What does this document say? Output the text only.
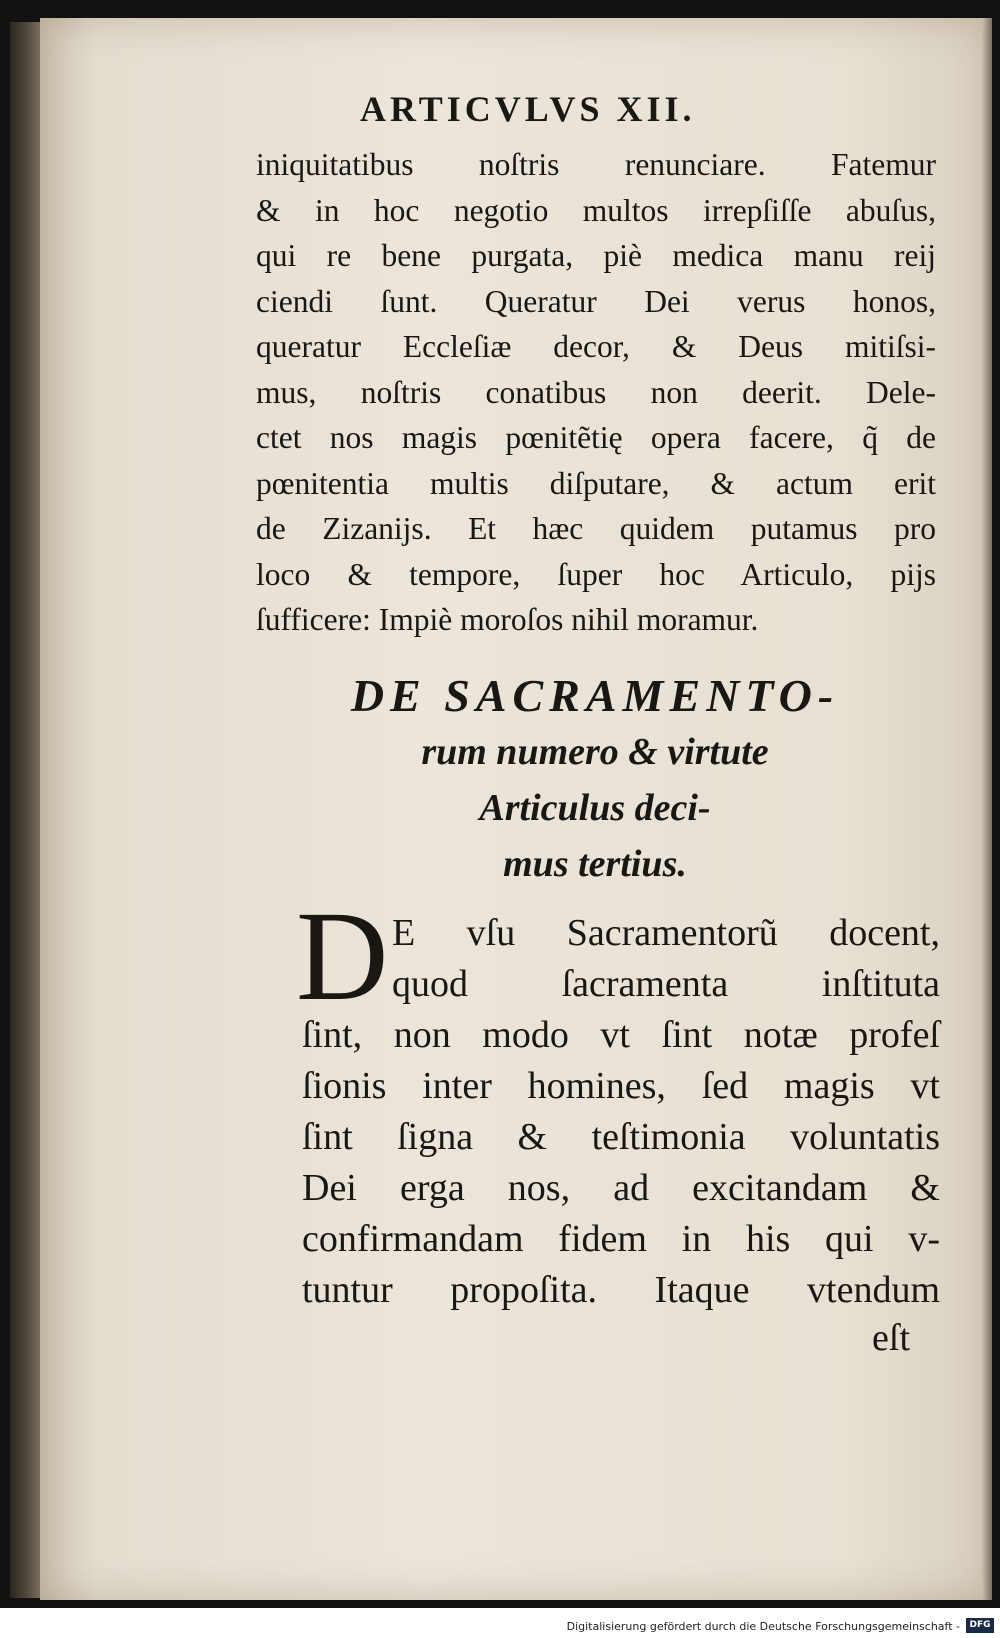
ARTICVLVS XII.
iniquitatibus noſtris renunciare. Fatemur
& in hoc negotio multos irrepſiſſe abuſus,
qui re bene purgata, piè medica manu reij
ciendi ſunt. Queratur Dei verus honos,
queratur Eccleſiæ decor, & Deus mitiſsi-
mus, noſtris conatibus non deerit. Dele-
ctet nos magis pœnitẽtię opera facere, q̃ de
pœnitentia multis diſputare, & actum erit
de Zizanijs. Et hæc quidem putamus pro
loco & tempore, ſuper hoc Articulo, pijs
ſufficere: Impiè moroſos nihil moramur.
DE SACRAMENTO-
rum numero & virtute
Articulus deci-
mus tertius.
D E vſu Sacramentorũ docent,
quod ſacramenta inſtituta
ſint, non modo vt ſint notæ profeſ
ſionis inter homines, ſed magis vt
ſint ſigna & teſtimonia voluntatis
Dei erga nos, ad excitandam &
confirmandam fidem in his qui v-
tuntur propoſita. Itaque vtendum
eſt
Digitalisierung gefördert durch die Deutsche Forschungsgemeinschaft -	DFG
